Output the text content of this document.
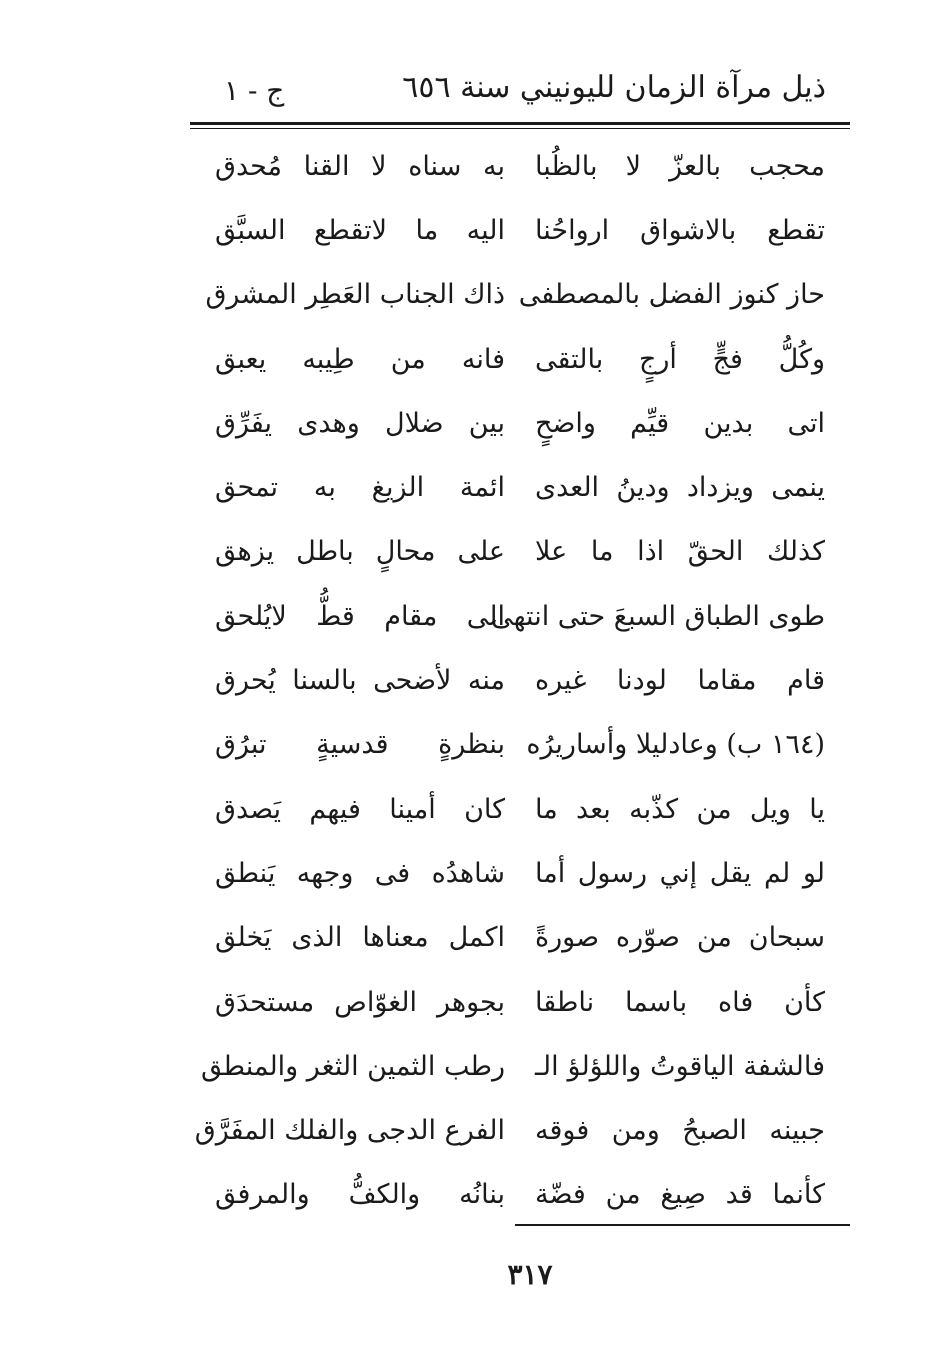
ذيل مرآة الزمان لليونيني سنة ٦٥٦
ج - ١
محجب بالعزّ لا بالظُبا
به سناه لا القنا مُحدق
تقطع بالاشواق ارواحُنا
اليه ما لاتقطع السبَّق
حاز كنوز الفضل بالمصطفى
ذاك الجناب العَطِر المشرق
وكُلُّ فجٍّ أرجٍ بالتقى
فانه من طِيبه يعبق
اتى بدين قيِّم واضحٍ
بين ضلال وهدى يفَرِّق
ينمى ويزداد ودينُ العدى
ائمة الزيغ به تمحق
كذلك الحقّ اذا ما علا
على محالٍ باطل يزهق
طوى الطباق السبعَ حتى انتهى
الى مقام قطُّ لايُلحق
قام مقاما لودنا غيره
منه لأضحى بالسنا يُحرق
(١٦٤ ب) وعادليلا وأساريرُه
بنظرةٍ قدسيةٍ تبرُق
يا ويل من كذّبه بعد ما
كان أمينا فيهم يَصدق
لو لم يقل إني رسول أما
شاهدُه فى وجهه يَنطق
سبحان من صوّره صورةً
اكمل معناها الذى يَخلق
كأن فاه باسما ناطقا
بجوهر الغوّاص مستحدَق
فالشفة الياقوتُ واللؤلؤ الـ
رطب الثمين الثغر والمنطق
جبينه الصبحُ ومن فوقه
الفرع الدجى والفلك المفَرَّق
كأنما قد صِيغ من فضّة
بنانُه والكفُّ والمرفق
٣١٧
